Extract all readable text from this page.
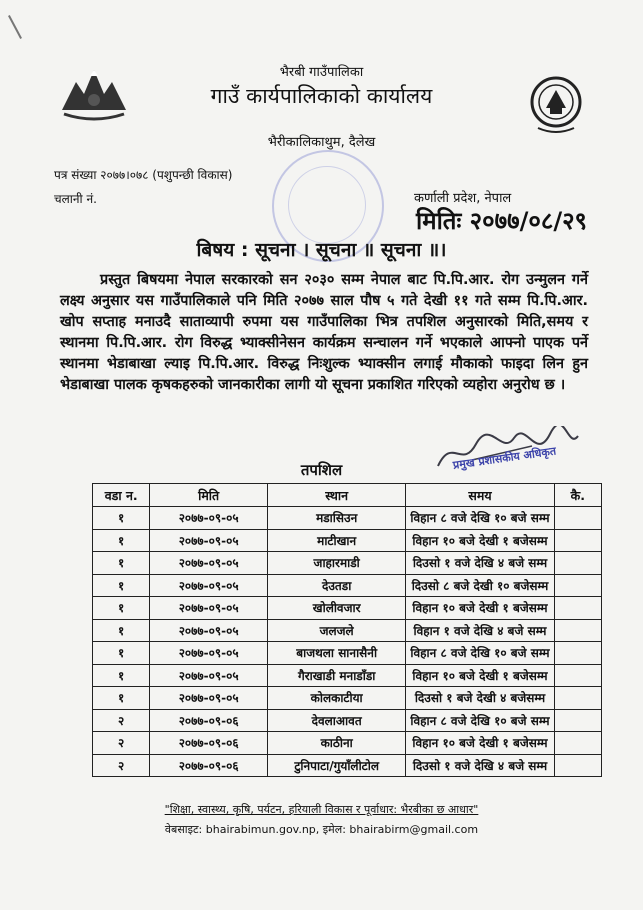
भैरबी गाउँपालिका
गाउँ कार्यपालिकाको कार्यालय
भैरीकालिकाथुम, दैलेख
पत्र संख्या २०७७।०७८ (पशुपन्छी विकास)
चलानी नं.	कर्णाली प्रदेश, नेपाल
मितिः २०७७/०८/२९
बिषय : सूचना । सूचना ॥ सूचना ॥।
प्रस्तुत बिषयमा नेपाल सरकारको सन २०३० सम्म नेपाल बाट पि.पि.आर. रोग उन्मुलन गर्ने लक्ष्य अनुसार यस गाउँपालिकाले पनि मिति २०७७ साल पौष ५ गते देखी ११ गते सम्म पि.पि.आर. खोप सप्ताह मनाउदै साताव्यापी रुपमा यस गाउँपालिका भित्र तपशिल अनुसारको मिति,समय र स्थानमा पि.पि.आर. रोग विरुद्ध भ्याक्सीनेसन कार्यक्रम सन्चालन गर्ने भएकाले आफ्नो पाएक पर्ने स्थानमा भेडाबाखा ल्याइ पि.पि.आर. विरुद्ध निःशुल्क भ्याक्सीन लगाई मौकाको फाइदा लिन हुन भेडाबाखा पालक कृषकहरुको जानकारीका लागी यो सूचना प्रकाशित गरिएको व्यहोरा अनुरोध छ ।
प्रमुख प्रशासकीय अधिकृत
तपशिल
वडा न.	मिति	स्थान	समय	कै.
१	२०७७-०९-०५	मडासिउन	विहान ८ वजे देखि १० बजे सम्म	
१	२०७७-०९-०५	माटीखान	विहान १० बजे देखी १ बजेसम्म	
१	२०७७-०९-०५	जाहारमाडी	दिउसो १ वजे देखि ४ बजे सम्म	
१	२०७७-०९-०५	देउतडा	दिउसो ८ बजे देखी १० बजेसम्म	
१	२०७७-०९-०५	खोलीवजार	विहान १० बजे देखी १ बजेसम्म	
१	२०७७-०९-०५	जलजले	विहान १ वजे देखि ४ बजे सम्म	
१	२०७७-०९-०५	बाजथला सानासैनी	विहान ८ वजे देखि १० बजे सम्म	
१	२०७७-०९-०५	गैराखाडी मनाडाँडा	विहान १० बजे देखी १ बजेसम्म	
१	२०७७-०९-०५	कोलकाटीया	दिउसो १ बजे देखी ४ बजेसम्म	
२	२०७७-०९-०६	देवलाआवत	विहान ८ वजे देखि १० बजे सम्म	
२	२०७७-०९-०६	काठीना	विहान १० बजे देखी १ बजेसम्म	
२	२०७७-०९-०६	टुनिपाटा/गुयाँलीटोल	दिउसो १ वजे देखि ४ बजे सम्म	
"शिक्षा, स्वास्थ्य, कृषि, पर्यटन, हरियाली विकास र पूर्वाधार: भैरबीका छ आधार"
वेबसाइट: bhairabimun.gov.np, इमेल: bhairabirm@gmail.com
